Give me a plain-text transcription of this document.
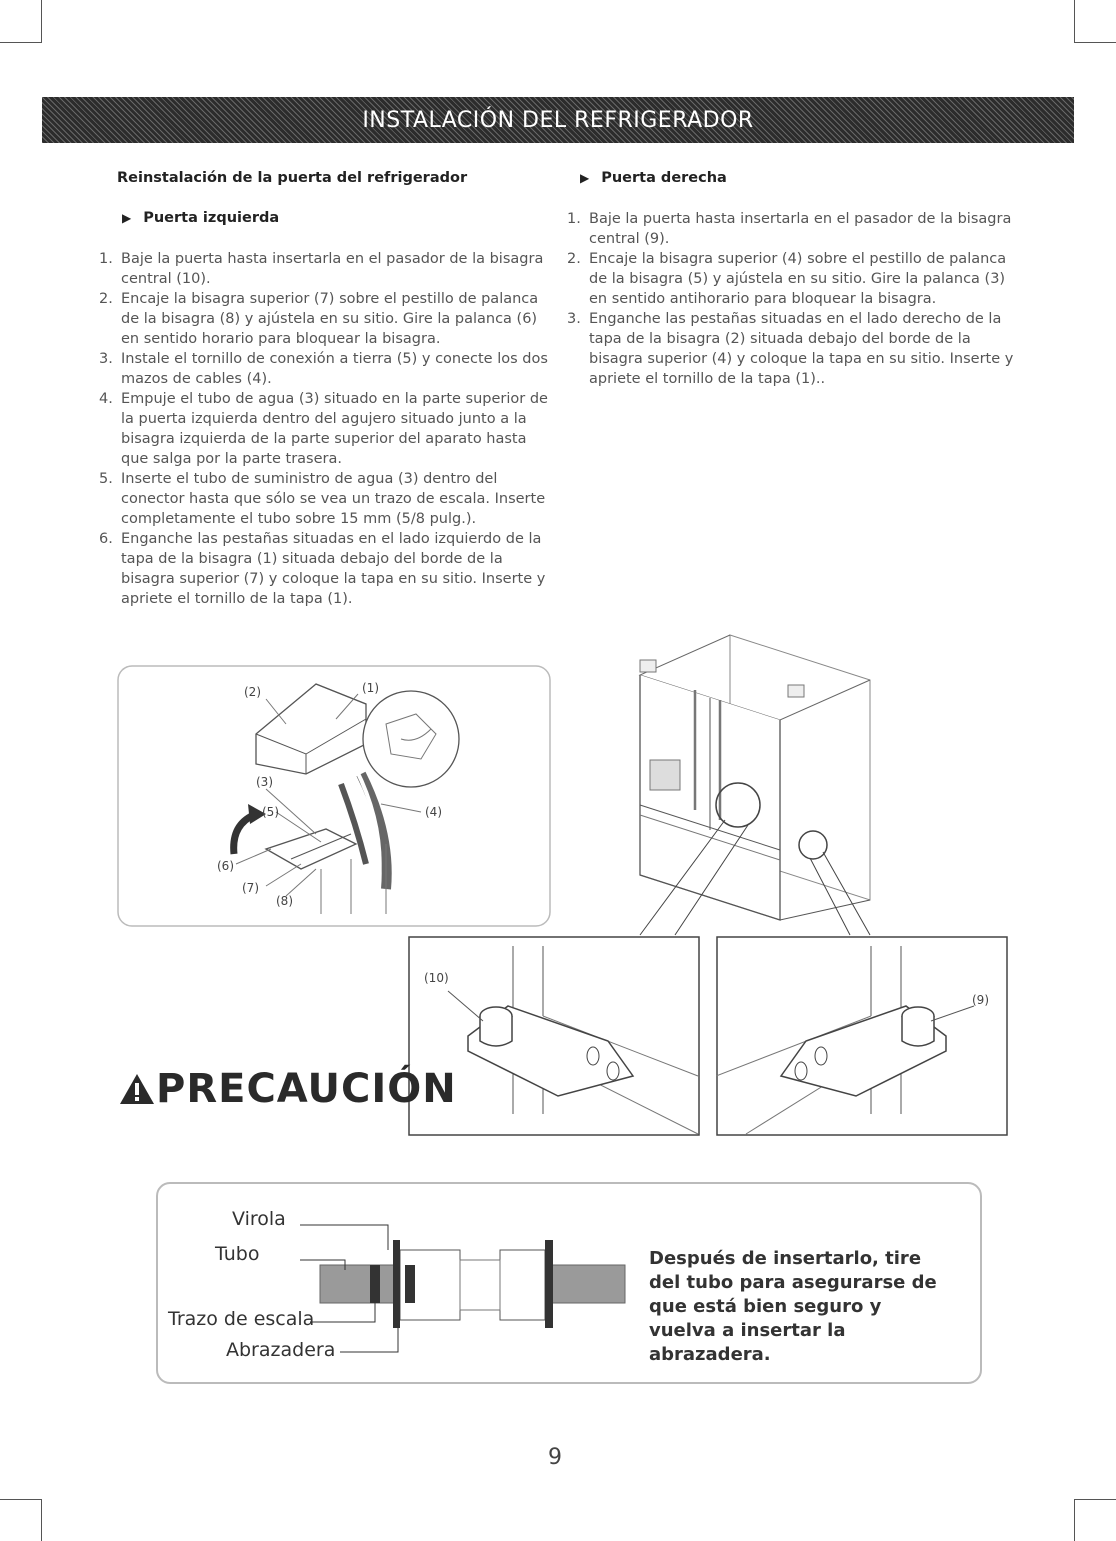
INSTALACIÓN DEL REFRIGERADOR
Reinstalación de la puerta del refrigerador
▶ Puerta izquierda
1. Baje la puerta hasta insertarla en el pasador de la bisagra central (10).
2. Encaje la bisagra superior (7) sobre el pestillo de palanca de la bisagra (8) y ajústela en su sitio. Gire la palanca (6) en sentido horario para bloquear la bisagra.
3. Instale el tornillo de conexión a tierra (5) y conecte los dos mazos de cables (4).
4. Empuje el tubo de agua (3) situado en la parte superior de la puerta izquierda dentro del agujero situado junto a la bisagra izquierda de la parte superior del aparato hasta que salga por la parte trasera.
5. Inserte el tubo de suministro de agua (3) dentro del conector hasta que sólo se vea un trazo de escala. Inserte completamente el tubo sobre 15 mm (5/8 pulg.).
6. Enganche las pestañas situadas en el lado izquierdo de la tapa de la bisagra (1) situada debajo del borde de la bisagra superior (7) y coloque la tapa en su sitio. Inserte y apriete el tornillo de la tapa (1).
▶ Puerta derecha
1. Baje la puerta hasta insertarla en el pasador de la bisagra central (9).
2. Encaje la bisagra superior (4) sobre el pestillo de palanca de la bisagra (5) y ajústela en su sitio. Gire la palanca (3) en sentido antihorario para bloquear la bisagra.
3. Enganche las pestañas situadas en el lado derecho de la tapa de la bisagra (2) situada debajo del borde de la bisagra superior (4) y coloque la tapa en su sitio. Inserte y apriete el tornillo de la tapa (1)..
(2)	(1)
(3)
(5)	(4)
(6)
(7)
(8)
(10)
(9)
PRECAUCIÓN
Virola
Tubo
Trazo de escala
Abrazadera
Después de insertarlo, tire del tubo para asegurarse de que está bien seguro y vuelva a insertar la abrazadera.
9
